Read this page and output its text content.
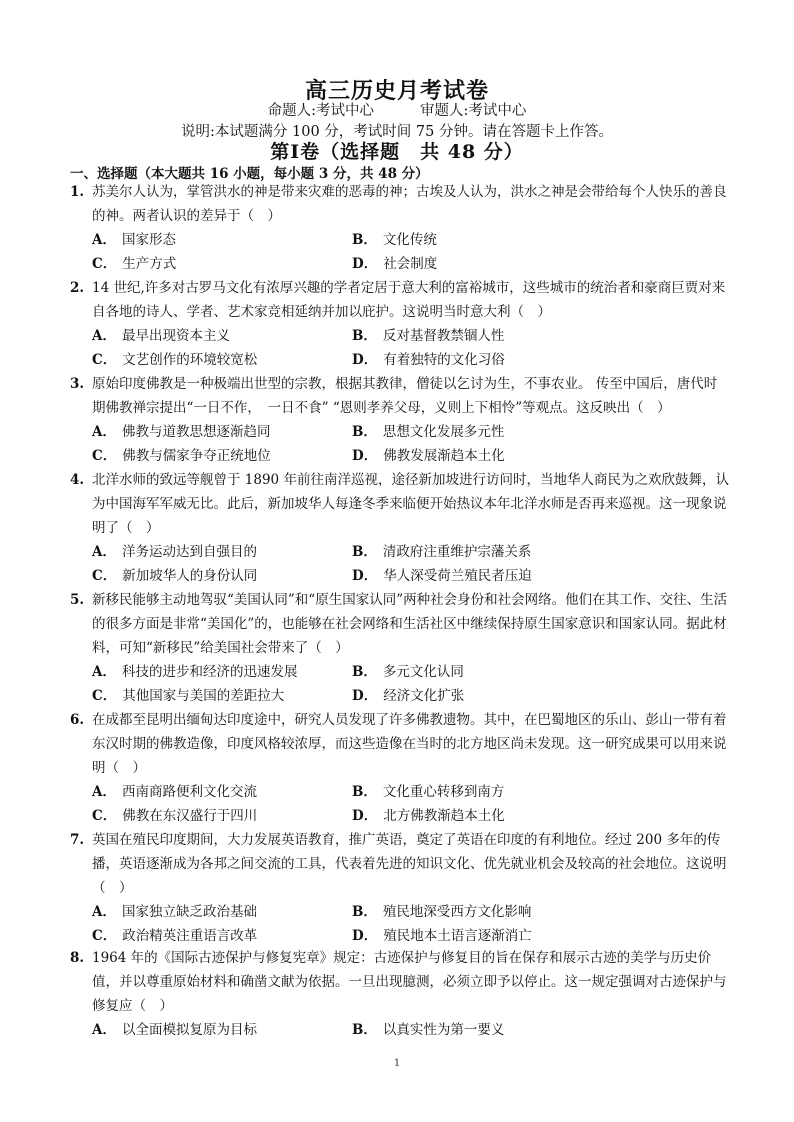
高三历史月考试卷
命题人:考试中心	审题人:考试中心
说明:本试题满分 100 分，考试时间 75 分钟。请在答题卡上作答。
第Ⅰ卷（选择题　共 48 分）
一、选择题（本大题共 16 小题，每小题 3 分，共 48 分）
1. 苏美尔人认为，掌管洪水的神是带来灾难的恶毒的神；古埃及人认为，洪水之神是会带给每个人快乐的善良的神。两者认识的差异于（　）
A． 国家形态	B． 文化传统
C． 生产方式	D． 社会制度
2. 14 世纪,许多对古罗马文化有浓厚兴趣的学者定居于意大利的富裕城市，这些城市的统治者和豪商巨贾对来自各地的诗人、学者、艺术家竞相延纳并加以庇护。这说明当时意大利（　）
A． 最早出现资本主义	B． 反对基督教禁锢人性
C． 文艺创作的环境较宽松	D． 有着独特的文化习俗
3. 原始印度佛教是一种极端出世型的宗教，根据其教律，僧徒以乞讨为生，不事农业。 传至中国后，唐代时期佛教禅宗提出“一日不作，　一日不食” “恩则孝养父母，义则上下相怜”等观点。这反映出（　）
A． 佛教与道教思想逐渐趋同	B． 思想文化发展多元性
C． 佛教与儒家争夺正统地位	D． 佛教发展渐趋本土化
4. 北洋水师的致远等舰曾于 1890 年前往南洋巡视，途径新加坡进行访问时，当地华人商民为之欢欣鼓舞，认为中国海军军威无比。此后，新加坡华人每逢冬季来临便开始热议本年北洋水师是否再来巡视。这一现象说明了（　）
A． 洋务运动达到自强目的	B． 清政府注重维护宗藩关系
C． 新加坡华人的身份认同	D． 华人深受荷兰殖民者压迫
5. 新移民能够主动地驾驭“美国认同”和“原生国家认同”两种社会身份和社会网络。他们在其工作、交往、生活的很多方面是非常“美国化”的，也能够在社会网络和生活社区中继续保持原生国家意识和国家认同。据此材料，可知“新移民”给美国社会带来了（　）
A． 科技的进步和经济的迅速发展	B． 多元文化认同
C． 其他国家与美国的差距拉大	D． 经济文化扩张
6. 在成都至昆明出缅甸达印度途中，研究人员发现了许多佛教遗物。其中，在巴蜀地区的乐山、彭山一带有着东汉时期的佛教造像，印度风格较浓厚，而这些造像在当时的北方地区尚未发现。这一研究成果可以用来说明（　）
A． 西南商路便利文化交流	B． 文化重心转移到南方
C． 佛教在东汉盛行于四川	D． 北方佛教渐趋本土化
7. 英国在殖民印度期间，大力发展英语教育，推广英语，奠定了英语在印度的有利地位。经过 200 多年的传播，英语逐渐成为各邦之间交流的工具，代表着先进的知识文化、优先就业机会及较高的社会地位。这说明（　）
A． 国家独立缺乏政治基础	B． 殖民地深受西方文化影响
C． 政治精英注重语言改革	D． 殖民地本土语言逐渐消亡
8. 1964 年的《国际古迹保护与修复宪章》规定：古迹保护与修复目的旨在保存和展示古迹的美学与历史价值，并以尊重原始材料和确凿文献为依据。一旦出现臆测，必须立即予以停止。这一规定强调对古迹保护与修复应（　）
A． 以全面模拟复原为目标	B． 以真实性为第一要义
1
